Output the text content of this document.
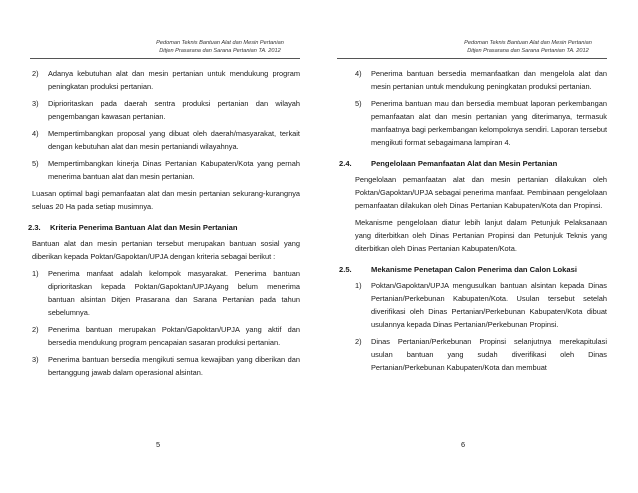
Pedoman Teknis Bantuan Alat dan Mesin Pertanian
Ditjen Prasarana dan Sarana Pertanian TA. 2012
2) Adanya kebutuhan alat dan mesin pertanian untuk mendukung program peningkatan produksi pertanian.
3) Diprioritaskan pada daerah sentra produksi pertanian dan wilayah pengembangan kawasan pertanian.
4) Mempertimbangkan proposal yang dibuat oleh daerah/masyarakat, terkait dengan kebutuhan alat dan mesin pertaniandi wilayahnya.
5) Mempertimbangkan kinerja Dinas Pertanian Kabupaten/Kota yang pernah menerima bantuan alat dan mesin pertanian.
Luasan optimal bagi pemanfaatan alat dan mesin pertanian sekurang-kurangnya seluas 20 Ha pada setiap musimnya.
2.3. Kriteria Penerima Bantuan Alat dan Mesin Pertanian
Bantuan alat dan mesin pertanian tersebut merupakan bantuan sosial yang diberikan kepada Poktan/Gapoktan/UPJA dengan kriteria sebagai berikut :
1) Penerima manfaat adalah kelompok masyarakat. Penerima bantuan diprioritaskan kepada Poktan/Gapoktan/UPJAyang belum menerima bantuan alsintan Ditjen Prasarana dan Sarana Pertanian pada tahun sebelumnya.
2) Penerima bantuan merupakan Poktan/Gapoktan/UPJA yang aktif dan bersedia mendukung program pencapaian sasaran produksi pertanian.
3) Penerima bantuan bersedia mengikuti semua kewajiban yang diberikan dan bertanggung jawab dalam operasional alsintan.
5
Pedoman Teknis Bantuan Alat dan Mesin Pertanian
Ditjen Prasarana dan Sarana Pertanian TA. 2012
4) Penerima bantuan bersedia memanfaatkan dan mengelola alat dan mesin pertanian untuk mendukung peningkatan produksi pertanian.
5) Penerima bantuan mau dan bersedia membuat laporan perkembangan pemanfaatan alat dan mesin pertanian yang diterimanya, termasuk manfaatnya bagi perkembangan kelompoknya sendiri. Laporan tersebut mengikuti format sebagaimana lampiran 4.
2.4.	Pengelolaan Pemanfaatan Alat dan Mesin Pertanian
Pengelolaan pemanfaatan alat dan mesin pertanian dilakukan oleh Poktan/Gapoktan/UPJA sebagai penerima manfaat. Pembinaan pengelolaan pemanfaatan dilakukan oleh Dinas Pertanian Kabupaten/Kota dan Propinsi.
Mekanisme pengelolaan diatur lebih lanjut dalam Petunjuk Pelaksanaan yang diterbitkan oleh Dinas Pertanian Propinsi dan Petunjuk Teknis yang diterbitkan oleh Dinas Pertanian Kabupaten/Kota.
2.5.	Mekanisme Penetapan Calon Penerima dan Calon Lokasi
1) Poktan/Gapoktan/UPJA mengusulkan bantuan alsintan kepada Dinas Pertanian/Perkebunan Kabupaten/Kota. Usulan tersebut setelah diverifikasi oleh Dinas Pertanian/Perkebunan Kabupaten/Kota dibuat usulannya kepada Dinas Pertanian/Perkebunan Propinsi.
2) Dinas Pertanian/Perkebunan Propinsi selanjutnya merekapitulasi usulan bantuan yang sudah diverifikasi oleh Dinas Pertanian/Perkebunan Kabupaten/Kota dan membuat
6
